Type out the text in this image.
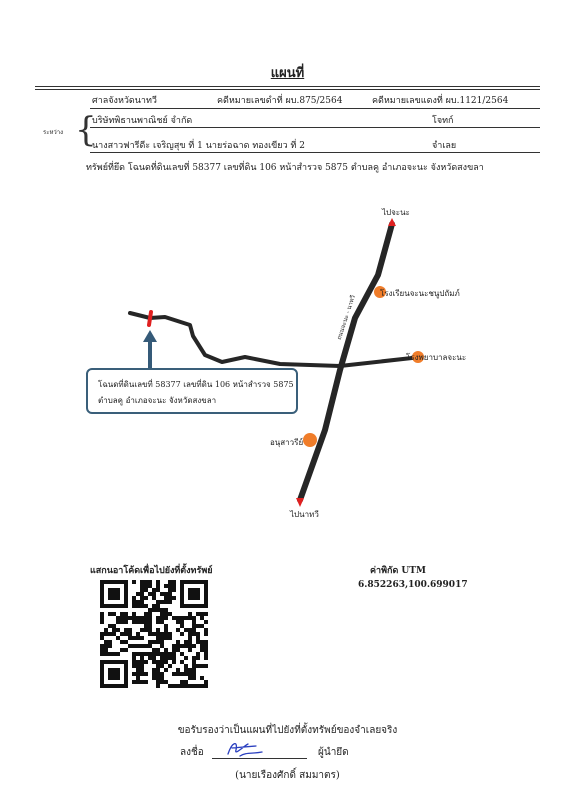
แผนที่
ศาลจังหวัดนาทวี	คดีหมายเลขดำที่ ผบ.875/2564	คดีหมายเลขแดงที่ ผบ.1121/2564
ระหว่าง {
บริษัทพิธานพาณิชย์ จำกัด	โจทก์
นางสาวฟารีดีะ เจริญสุข ที่ 1 นายร่อฉาด ทองเขียว ที่ 2	จำเลย
ทรัพย์ที่ยึด โฉนดที่ดินเลขที่ 58377 เลขที่ดิน 106 หน้าสำรวจ 5875 ตำบลคู อำเภอจะนะ จังหวัดสงขลา
ไปจะนะ
โรงเรียนจะนะชนูปถัมภ์
โรงพยาบาลจะนะ
อนุสาวรีย์
ไปนาทวี
ถนนจะนะ - นาทวี
โฉนดที่ดินเลขที่ 58377 เลขที่ดิน 106 หน้าสำรวจ 5875
ตำบลคู อำเภอจะนะ จังหวัดสงขลา
แสกนอาโค้ดเพื่อไปยังที่ตั้งทรัพย์	ค่าพิกัด UTM
6.852263,100.699017
ขอรับรองว่าเป็นแผนที่ไปยังที่ตั้งทรัพย์ของจำเลยจริง
ลงชื่อ	ผู้นำยึด
(นายเรืองศักดิ์ สมมาตร)
